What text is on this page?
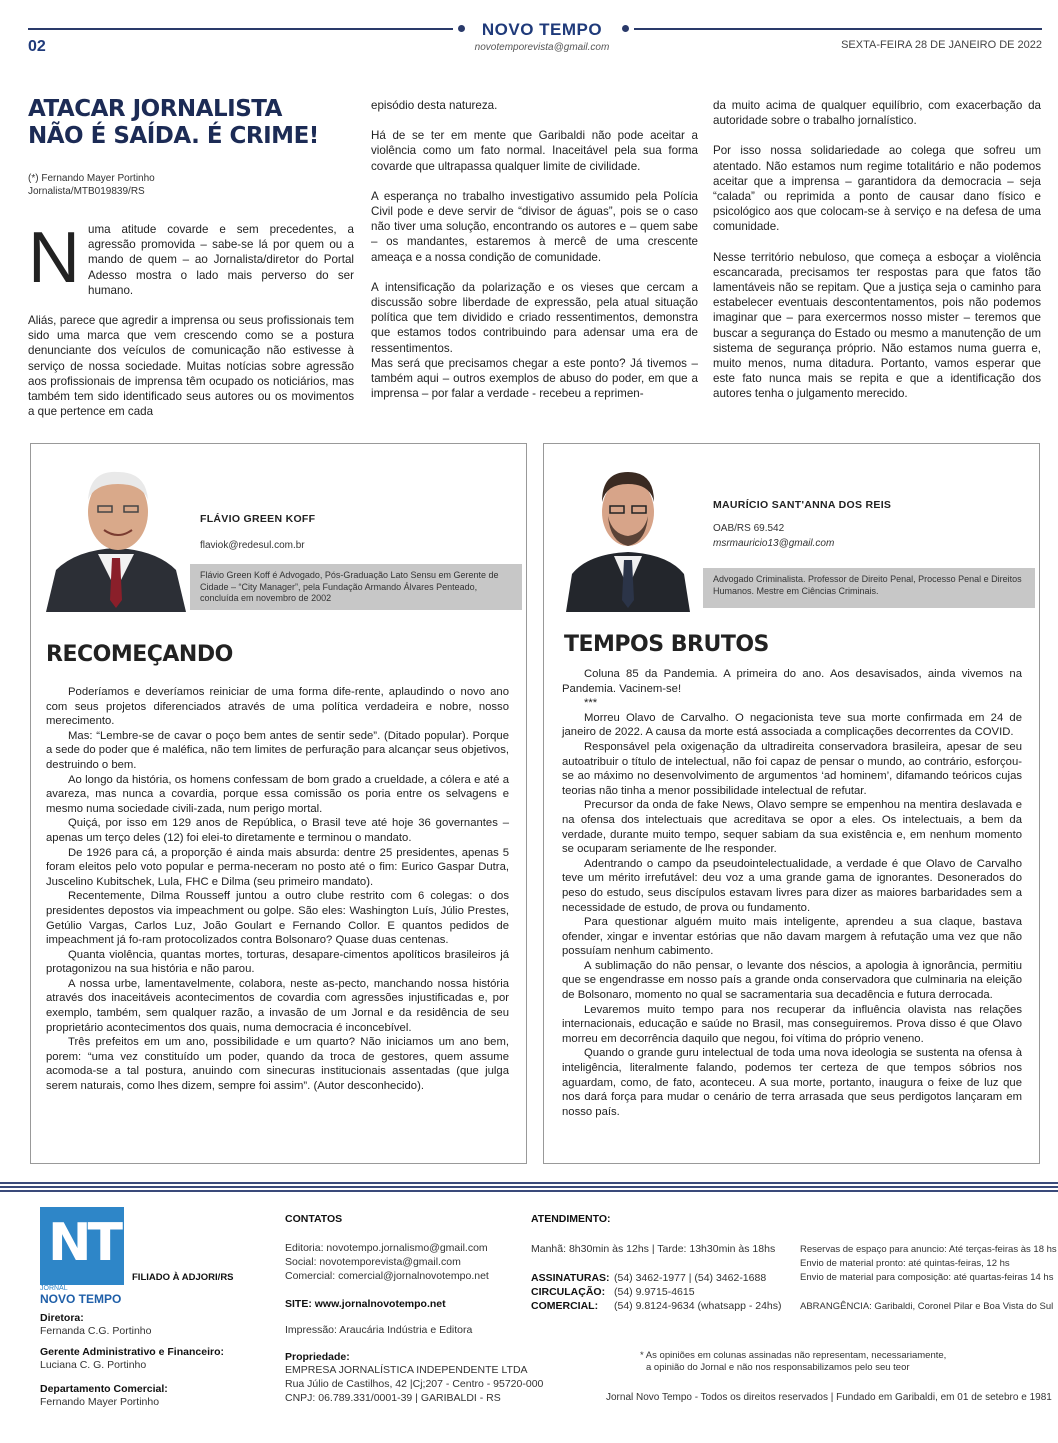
NOVO TEMPO
novotemporevista@gmail.com
02	SEXTA-FEIRA 28 DE JANEIRO DE 2022
ATACAR JORNALISTA
NÃO É SAÍDA. É CRIME!
(*) Fernando Mayer Portinho
Jornalista/MTB019839/RS

Numa atitude covarde e sem precedentes, a agressão promovida – sabe-se lá por quem ou a mando de quem – ao Jornalista/diretor do Portal Adesso mostra o lado mais perverso do ser humano.

Aliás, parece que agredir a imprensa ou seus profissionais tem sido uma marca que vem crescendo como se a postura denunciante dos veículos de comunicação não estivesse à serviço de nossa sociedade. Muitas notícias sobre agressão aos profissionais de imprensa têm ocupado os noticiários, mas também tem sido identificado seus autores ou os movimentos a que pertence em cada

episódio desta natureza.

Há de se ter em mente que Garibaldi não pode aceitar a violência como um fato normal. Inaceitável pela sua forma covarde que ultrapassa qualquer limite de civilidade.

A esperança no trabalho investigativo assumido pela Polícia Civil pode e deve servir de “divisor de águas”, pois se o caso não tiver uma solução, encontrando os autores e – quem sabe – os mandantes, estaremos à mercê de uma crescente ameaça e a nossa condição de comunidade.

A intensificação da polarização e os vieses que cercam a discussão sobre liberdade de expressão, pela atual situação política que tem dividido e criado ressentimentos, demonstra que estamos todos contribuindo para adensar uma era de ressentimentos.

Mas será que precisamos chegar a este ponto? Já tivemos – também aqui – outros exemplos de abuso do poder, em que a imprensa – por falar a verdade - recebeu a reprimen-

da muito acima de qualquer equilíbrio, com exacerbação da autoridade sobre o trabalho jornalístico.

Por isso nossa solidariedade ao colega que sofreu um atentado. Não estamos num regime totalitário e não podemos aceitar que a imprensa – garantidora da democracia – seja “calada” ou reprimida a ponto de causar dano físico e psicológico aos que colocam-se à serviço e na defesa de uma comunidade.

Nesse território nebuloso, que começa a esboçar a violência escancarada, precisamos ter respostas para que fatos tão lamentáveis não se repitam. Que a justiça seja o caminho para estabelecer eventuais descontentamentos, pois não podemos imaginar que – para exercermos nosso mister – teremos que buscar a segurança do Estado ou mesmo a manutenção de um sistema de segurança próprio. Não estamos numa guerra e, muito menos, numa ditadura. Portanto, vamos esperar que este fato nunca mais se repita e que a identificação dos autores tenha o julgamento merecido.

FLÁVIO GREEN KOFF
flaviok@redesul.com.br
Flávio Green Koff é Advogado, Pós-Graduação Lato Sensu em Gerente de Cidade – “City Manager”, pela Fundação Armando Álvares Penteado, concluída em novembro de 2002
RECOMEÇANDO

Poderíamos e deveríamos reiniciar de uma forma dife-rente, aplaudindo o novo ano com seus projetos diferenciados através de uma política verdadeira e nobre, nosso merecimento.

Mas: “Lembre-se de cavar o poço bem antes de sentir sede”. (Ditado popular). Porque a sede do poder que é maléfica, não tem limites de perfuração para alcançar seus objetivos, destruindo o bem.

Ao longo da história, os homens confessam de bom grado a crueldade, a cólera e até a avareza, mas nunca a covardia, porque essa comissão os poria entre os selvagens e mesmo numa sociedade civili-zada, num perigo mortal.

Quiçá, por isso em 129 anos de República, o Brasil teve até hoje 36 governantes – apenas um terço deles (12) foi elei-to diretamente e terminou o mandato.

De 1926 para cá, a proporção é ainda mais absurda: dentre 25 presidentes, apenas 5 foram eleitos pelo voto popular e perma-neceram no posto até o fim: Eurico Gaspar Dutra, Juscelino Kubitschek, Lula, FHC e Dilma (seu primeiro mandato).

Recentemente, Dilma Rousseff juntou a outro clube restrito com 6 colegas: o dos presidentes depostos via impeachment ou golpe. São eles: Washington Luís, Júlio Prestes, Getúlio Vargas, Carlos Luz, João Goulart e Fernando Collor. E quantos pedidos de impeachment já fo-ram protocolizados contra Bolsonaro? Quase duas centenas.

Quanta violência, quantas mortes, torturas, desapare-cimentos apolíticos brasileiros já protagonizou na sua história e não parou.

A nossa urbe, lamentavelmente, colabora, neste as-pecto, manchando nossa história através dos inaceitáveis acontecimentos de covardia com agressões injustificadas e, por exemplo, também, sem qualquer razão, a invasão de um Jornal e da residência de seu proprietário acontecimentos dos quais, numa democracia é inconcebível.

Três prefeitos em um ano, possibilidade e um quarto? Não iniciamos um ano bem, porem: “uma vez constituído um poder, quando da troca de gestores, quem assume acomoda-se a tal postura, anuindo com sinecuras institucionais assentadas (que julga serem naturais, como lhes dizem, sempre foi assim”. (Autor desconhecido).

MAURÍCIO SANT'ANNA DOS REIS
OAB/RS 69.542
msrmauricio13@gmail.com
Advogado Criminalista. Professor de Direito Penal, Processo Penal e Direitos Humanos. Mestre em Ciências Criminais.
TEMPOS BRUTOS

Coluna 85 da Pandemia. A primeira do ano. Aos desavisados, ainda vivemos na Pandemia. Vacinem-se!

***

Morreu Olavo de Carvalho. O negacionista teve sua morte confirmada em 24 de janeiro de 2022. A causa da morte está associada a complicações decorrentes da COVID.

Responsável pela oxigenação da ultradireita conservadora brasileira, apesar de seu autoatribuir o título de intelectual, não foi capaz de pensar o mundo, ao contrário, esforçou-se ao máximo no desenvolvimento de argumentos ‘ad hominem’, difamando teóricos cujas teorias não tinha a menor possibilidade intelectual de refutar.

Precursor da onda de fake News, Olavo sempre se empenhou na mentira deslavada e na ofensa dos intelectuais que acreditava se opor a eles. Os intelectuais, a bem da verdade, durante muito tempo, sequer sabiam da sua existência e, em nenhum momento se ocuparam seriamente de lhe responder.

Adentrando o campo da pseudointelectualidade, a verdade é que Olavo de Carvalho teve um mérito irrefutável: deu voz a uma grande gama de ignorantes. Desonerados do peso do estudo, seus discípulos estavam livres para dizer as maiores barbaridades sem a necessidade de estudo, de prova ou fundamento.

Para questionar alguém muito mais inteligente, aprendeu a sua claque, bastava ofender, xingar e inventar estórias que não davam margem à refutação uma vez que não possuíam nenhum cabimento.

A sublimação do não pensar, o levante dos néscios, a apologia à ignorância, permitiu que se engendrasse em nosso país a grande onda conservadora que culminaria na eleição de Bolsonaro, momento no qual se sacramentaria sua decadência e futura derrocada.

Levaremos muito tempo para nos recuperar da influência olavista nas relações internacionais, educação e saúde no Brasil, mas conseguiremos. Prova disso é que Olavo morreu em decorrência daquilo que negou, foi vítima do próprio veneno.

Quando o grande guru intelectual de toda uma nova ideologia se sustenta na ofensa à inteligência, literalmente falando, podemos ter certeza de que tempos sóbrios nos aguardam, como, de fato, aconteceu. A sua morte, portanto, inaugura o feixe de luz que nos dará força para mudar o cenário de terra arrasada que seus perdigotos lançaram em nosso país.

NT
JORNAL
NOVO TEMPO
FILIADO À ADJORI/RS
Diretora:
Fernanda C.G. Portinho
Gerente Administrativo e Financeiro:
Luciana C. G. Portinho
Departamento Comercial:
Fernando Mayer Portinho
CONTATOS
Editoria: novotempo.jornalismo@gmail.com
Social: novotemporevista@gmail.com
Comercial: comercial@jornalnovotempo.net
SITE: www.jornalnovotempo.net
Impressão: Araucária Indústria e Editora
Propriedade:
EMPRESA JORNALÍSTICA INDEPENDENTE LTDA
Rua Júlio de Castilhos, 42 |Cj;207 - Centro - 95720-000
CNPJ: 06.789.331/0001-39 | GARIBALDI - RS
ATENDIMENTO:
Manhã: 8h30min às 12hs | Tarde: 13h30min às 18hs
ASSINATURAS: (54) 3462-1977 | (54) 3462-1688
CIRCULAÇÃO: (54) 9.9715-4615
COMERCIAL: (54) 9.8124-9634 (whatsapp - 24hs)
Reservas de espaço para anuncio: Até terças-feiras às 18 hs
Envio de material pronto: até quintas-feiras, 12 hs
Envio de material para composição: até quartas-feiras 14 hs
ABRANGÊNCIA: Garibaldi, Coronel Pilar e Boa Vista do Sul
* As opiniões em colunas assinadas não representam, necessariamente,
a opinião do Jornal e não nos responsabilizamos pelo seu teor
Jornal Novo Tempo - Todos os direitos reservados | Fundado em Garibaldi, em 01 de setebro e 1981
